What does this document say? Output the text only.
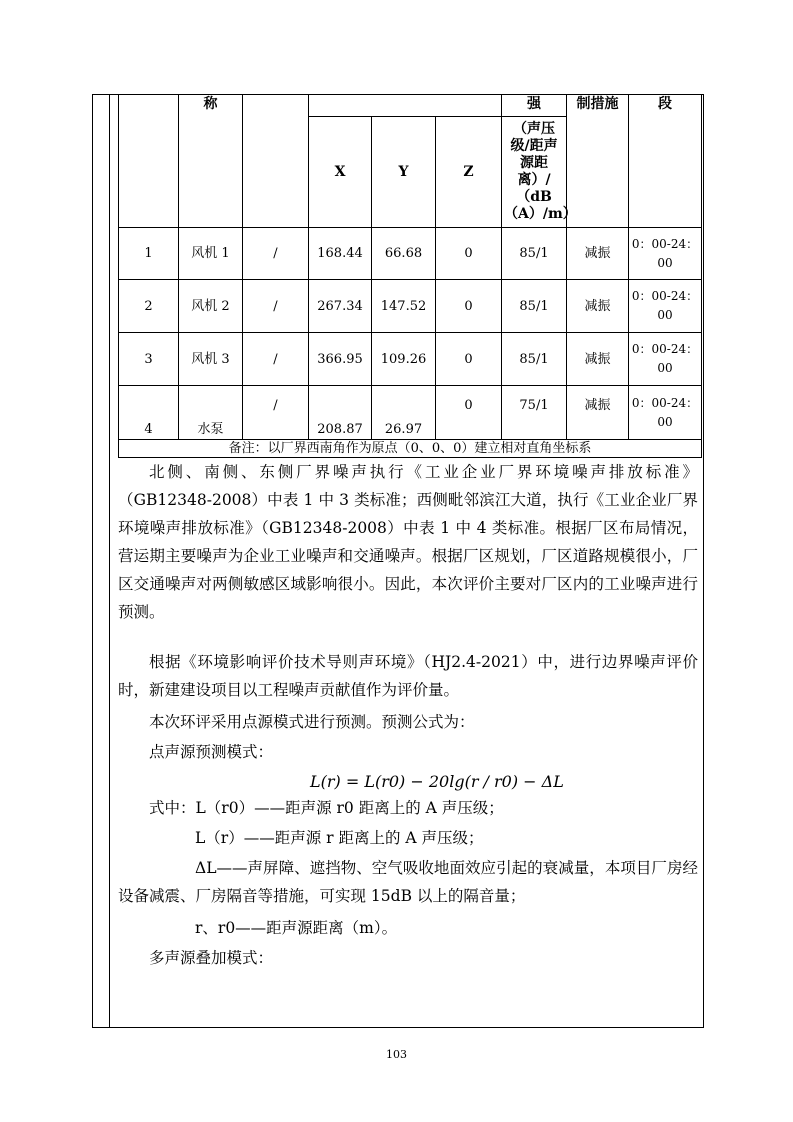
	称					强	制措施	段
			X	Y	Z	（声压级/距声源距离）/（dB（A）/m）		
1	风机 1	/	168.44	66.68	0	85/1	减振	0：00-24：00
2	风机 2	/	267.34	147.52	0	85/1	减振	0：00-24：00
3	风机 3	/	366.95	109.26	0	85/1	减振	0：00-24：00
4	水泵	/	208.87	26.97	0	75/1	减振	0：00-24：00
备注：以厂界西南角作为原点（0、0、0）建立相对直角坐标系								
北侧、南侧、东侧厂界噪声执行《工业企业厂界环境噪声排放标准》（GB12348-2008）中表 1 中 3 类标准；西侧毗邻滨江大道，执行《工业企业厂界环境噪声排放标准》（GB12348-2008）中表 1 中 4 类标准。根据厂区布局情况，营运期主要噪声为企业工业噪声和交通噪声。根据厂区规划，厂区道路规模很小，厂区交通噪声对两侧敏感区域影响很小。因此，本次评价主要对厂区内的工业噪声进行预测。
根据《环境影响评价技术导则声环境》（HJ2.4-2021）中，进行边界噪声评价时，新建建设项目以工程噪声贡献值作为评价量。
本次环评采用点源模式进行预测。预测公式为：
点声源预测模式：
L(r) = L(r0) − 20lg(r / r0) − ΔL
式中：L（r0）——距声源 r0 距离上的 A 声压级；
L（r）——距声源 r 距离上的 A 声压级；
ΔL——声屏障、遮挡物、空气吸收地面效应引起的衰减量，本项目厂房经设备减震、厂房隔音等措施，可实现 15dB 以上的隔音量；
r、r0——距声源距离（m）。
多声源叠加模式：
103
